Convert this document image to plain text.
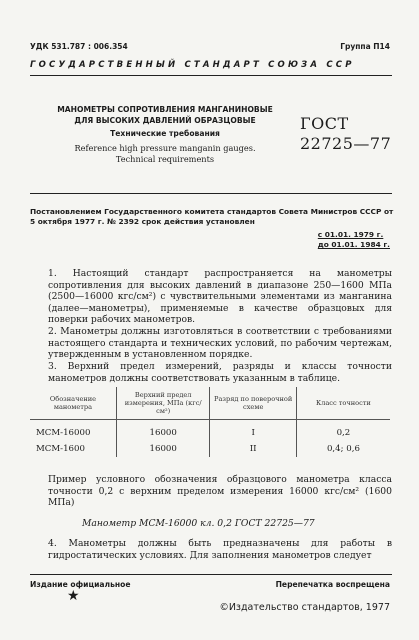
УДК 531.787 : 006.354	Группа П14
ГОСУДАРСТВЕННЫЙ СТАНДАРТ СОЮЗА ССР
МАНОМЕТРЫ СОПРОТИВЛЕНИЯ МАНГАНИНОВЫЕ
ДЛЯ ВЫСОКИХ ДАВЛЕНИЙ ОБРАЗЦОВЫЕ
Технические требования
Reference high pressure manganin gauges.
Technical requirements
ГОСТ
22725—77
Постановлением Государственного комитета стандартов Совета Министров СССР от 5 октября 1977 г. № 2392 срок действия установлен
с 01.01. 1979 г.
до 01.01. 1984 г.
1. Настоящий стандарт распространяется на манометры сопротивления для высоких давлений в диапазоне 250—1600 МПа (2500—16000 кгс/см²) с чувствительными элементами из манганина (далее—манометры), применяемые в качестве образцовых для поверки рабочих манометров.
2. Манометры должны изготовляться в соответствии с требованиями настоящего стандарта и технических условий, по рабочим чертежам, утвержденным в установленном порядке.
3. Верхний предел измерений, разряды и классы точности манометров должны соответствовать указанным в таблице.
Обозначение манометра	Верхний предел измерения, МПа (кгс/см²)	Разряд по поверочной схеме	Класс точности
МСМ-16000	16000	I	0,2
МСМ-1600	16000	II	0,4; 0,6
Пример условного обозначения образцового манометра класса точности 0,2 с верхним пределом измерения 16000 кгс/см² (1600 МПа)
Манометр МСМ-16000 кл. 0,2 ГОСТ 22725—77
4. Манометры должны быть предназначены для работы в гидростатических условиях. Для заполнения манометров следует
Издание официальное	Перепечатка воспрещена
★
©Издательство стандартов, 1977
